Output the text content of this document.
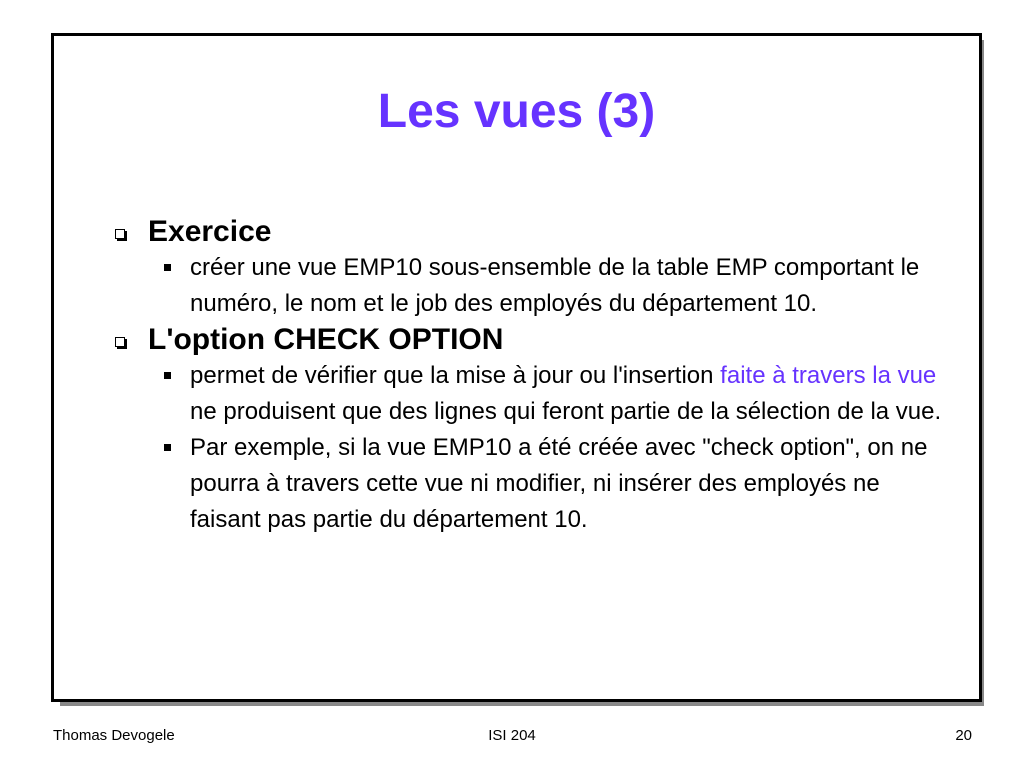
Les vues (3)
Exercice
créer une vue EMP10 sous-ensemble de la table EMP comportant le numéro, le nom et le job des employés du département 10.
L'option CHECK OPTION
permet de vérifier que la mise à jour ou l'insertion faite à travers la vue ne produisent que des lignes qui feront partie de la sélection de la vue.
Par exemple, si la vue EMP10 a été créée avec "check option", on ne pourra à travers cette vue ni modifier, ni insérer des employés ne faisant pas partie du département 10.
Thomas Devogele	ISI 204	20
